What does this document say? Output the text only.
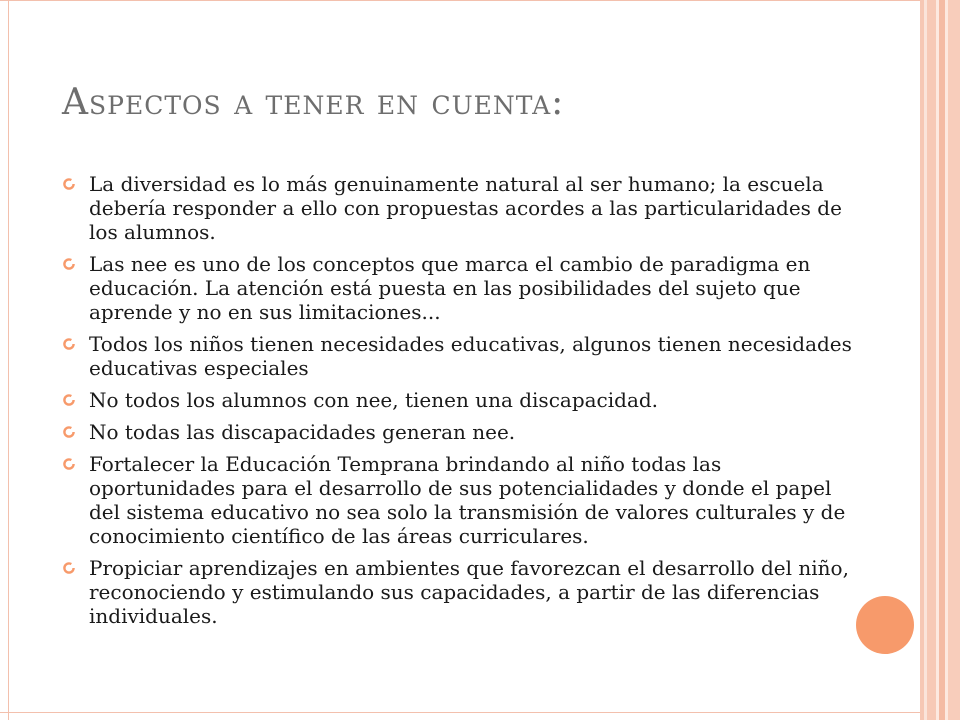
Aspectos a tener en cuenta:
La diversidad es lo más genuinamente natural al ser humano; la escuela debería responder a ello con propuestas acordes a las particularidades de los alumnos.
Las nee es uno de los conceptos que marca el cambio de paradigma en educación. La atención está puesta en las posibilidades del sujeto que aprende y no en sus limitaciones...
Todos los niños tienen necesidades educativas, algunos tienen necesidades educativas especiales
No todos los alumnos con nee, tienen una discapacidad.
No todas las discapacidades generan nee.
Fortalecer la Educación Temprana brindando al niño todas las oportunidades para el desarrollo de sus potencialidades y donde el papel del sistema educativo no sea solo la transmisión de valores culturales y de conocimiento científico de las áreas curriculares.
Propiciar aprendizajes en ambientes que favorezcan el desarrollo del niño, reconociendo y estimulando sus capacidades, a partir de las diferencias individuales.
